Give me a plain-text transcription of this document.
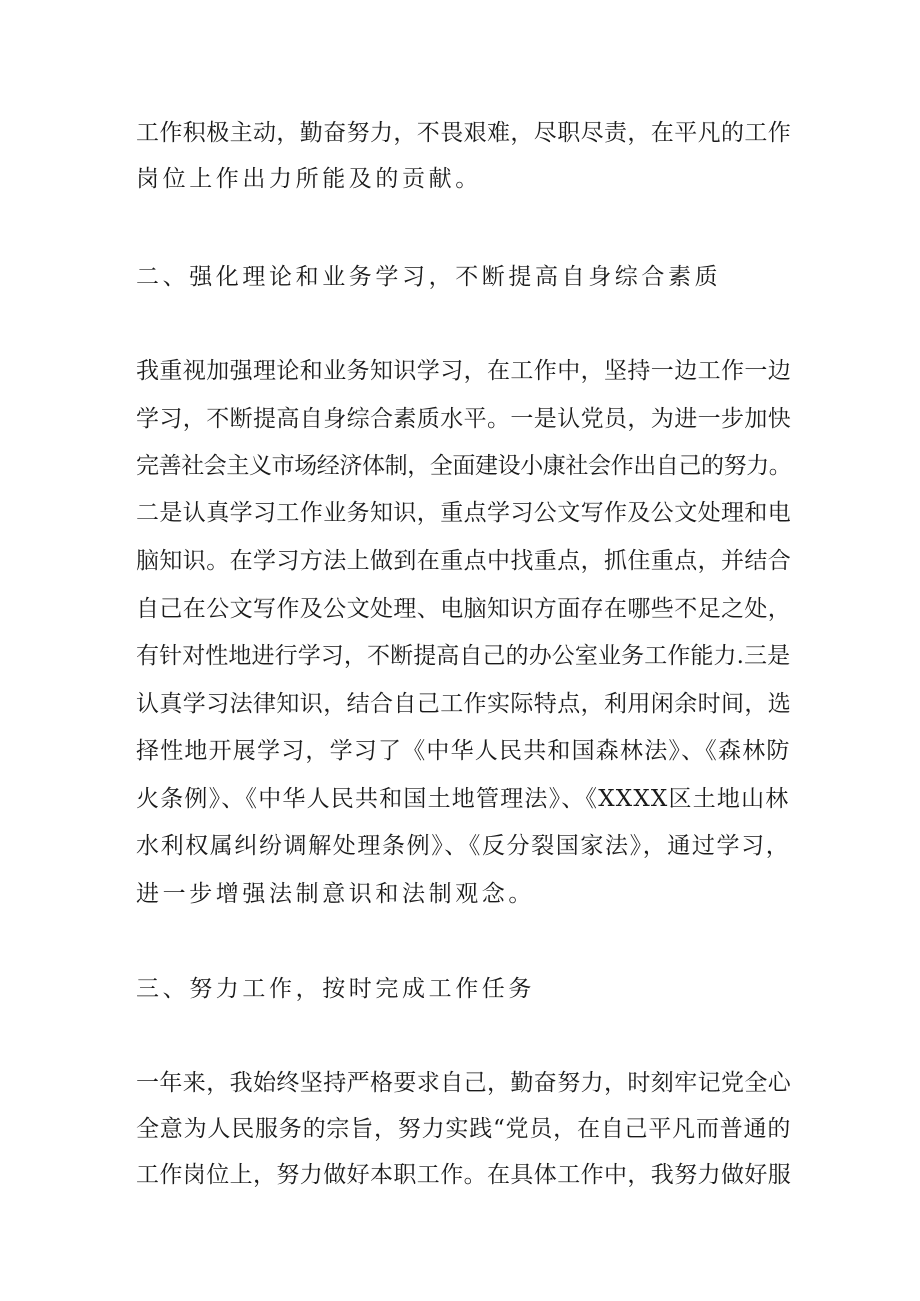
工作积极主动，勤奋努力，不畏艰难，尽职尽责，在平凡的工作

岗位上作出力所能及的贡献。

二、强化理论和业务学习，不断提高自身综合素质

我重视加强理论和业务知识学习，在工作中，坚持一边工作一边

学习，不断提高自身综合素质水平。一是认党员，为进一步加快

完善社会主义市场经济体制，全面建设小康社会作出自己的努力。

二是认真学习工作业务知识，重点学习公文写作及公文处理和电

脑知识。在学习方法上做到在重点中找重点，抓住重点，并结合

自己在公文写作及公文处理、电脑知识方面存在哪些不足之处，

有针对性地进行学习，不断提高自己的办公室业务工作能力.三是

认真学习法律知识，结合自己工作实际特点，利用闲余时间，选

择性地开展学习，学习了《中华人民共和国森林法》、《森林防

火条例》、《中华人民共和国土地管理法》、《XXXX区土地山林

水利权属纠纷调解处理条例》、《反分裂国家法》，通过学习，

进一步增强法制意识和法制观念。

三、努力工作，按时完成工作任务

一年来，我始终坚持严格要求自己，勤奋努力，时刻牢记党全心

全意为人民服务的宗旨，努力实践“党员，在自己平凡而普通的

工作岗位上，努力做好本职工作。在具体工作中，我努力做好服
